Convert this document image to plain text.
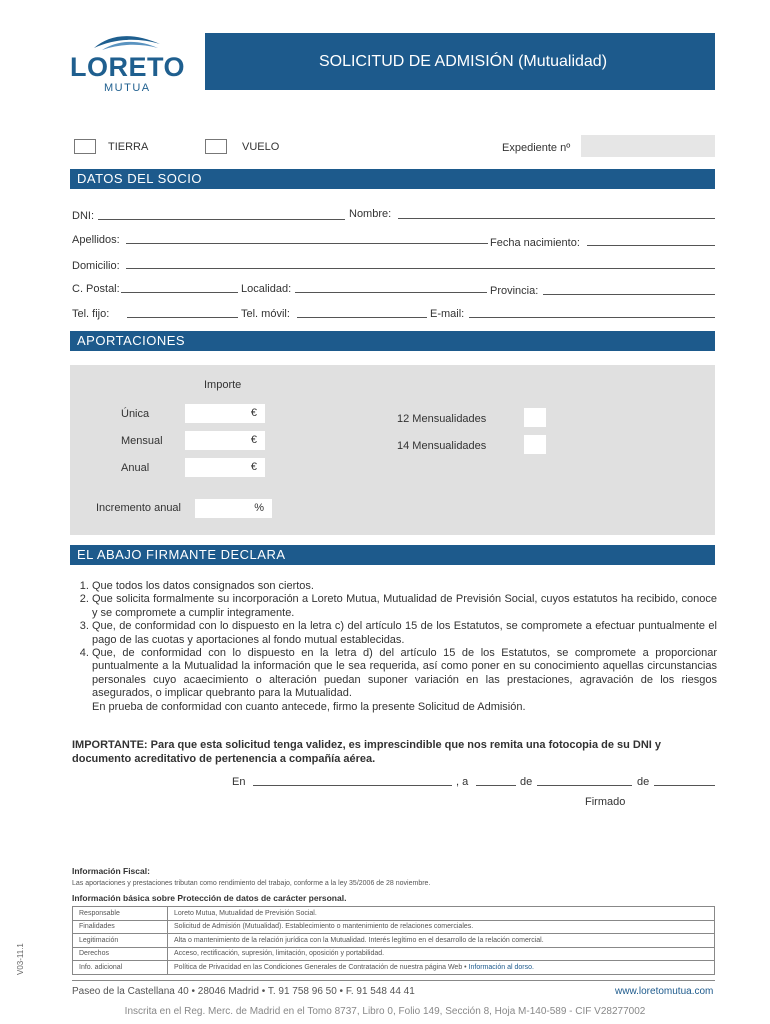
LORETO
MUTUA
SOLICITUD DE ADMISIÓN (Mutualidad)
TIERRA	VUELO	Expediente nº
DATOS DEL SOCIO
DNI:	Nombre:
Apellidos:	Fecha nacimiento:
Domicilio:
C. Postal:	Localidad:	Provincia:
Tel. fijo:	Tel. móvil:	E-mail:
APORTACIONES
Importe
Única	€
Mensual	€
Anual	€
Incremento anual	%
12 Mensualidades
14 Mensualidades
EL ABAJO FIRMANTE DECLARA
1. Que todos los datos consignados son ciertos.
2. Que solicita formalmente su incorporación a Loreto Mutua, Mutualidad de Previsión Social, cuyos estatutos ha recibido, conoce y se compromete a cumplir integramente.
3. Que, de conformidad con lo dispuesto en la letra c) del artículo 15 de los Estatutos, se compromete a efectuar puntualmente el pago de las cuotas y aportaciones al fondo mutual establecidas.
4. Que, de conformidad con lo dispuesto en la letra d) del artículo 15 de los Estatutos, se compromete a proporcionar puntualmente a la Mutualidad la información que le sea requerida, así como poner en su conocimiento aquellas circunstancias personales cuyo acaecimiento o alteración puedan suponer variación en las prestaciones, agravación de los riesgos asegurados, o implicar quebranto para la Mutualidad.
En prueba de conformidad con cuanto antecede, firmo la presente Solicitud de Admisión.
IMPORTANTE: Para que esta solicitud tenga validez, es imprescindible que nos remita una fotocopia de su DNI y documento acreditativo de pertenencia a compañía aérea.
En	, a	de	de
Firmado
Información Fiscal:
Las aportaciones y prestaciones tributan como rendimiento del trabajo, conforme a la ley 35/2006 de 28 noviembre.
Información básica sobre Protección de datos de carácter personal.
Responsable	Loreto Mutua, Mutualidad de Previsión Social.
Finalidades	Solicitud de Admisión (Mutualidad). Establecimiento o mantenimiento de relaciones comerciales.
Legitimación	Alta o mantenimiento de la relación jurídica con la Mutualidad. Interés legítimo en el desarrollo de la relación comercial.
Derechos	Acceso, rectificación, supresión, limitación, oposición y portabilidad.
Info. adicional	Política de Privacidad en las Condiciones Generales de Contratación de nuestra página Web • Información al dorso.
Paseo de la Castellana 40 • 28046 Madrid • T. 91 758 96 50 • F. 91 548 44 41	www.loretomutua.com
Inscrita en el Reg. Merc. de Madrid en el Tomo 8737, Libro 0, Folio 149, Sección 8, Hoja M-140-589 - CIF V28277002
V03-11.1
